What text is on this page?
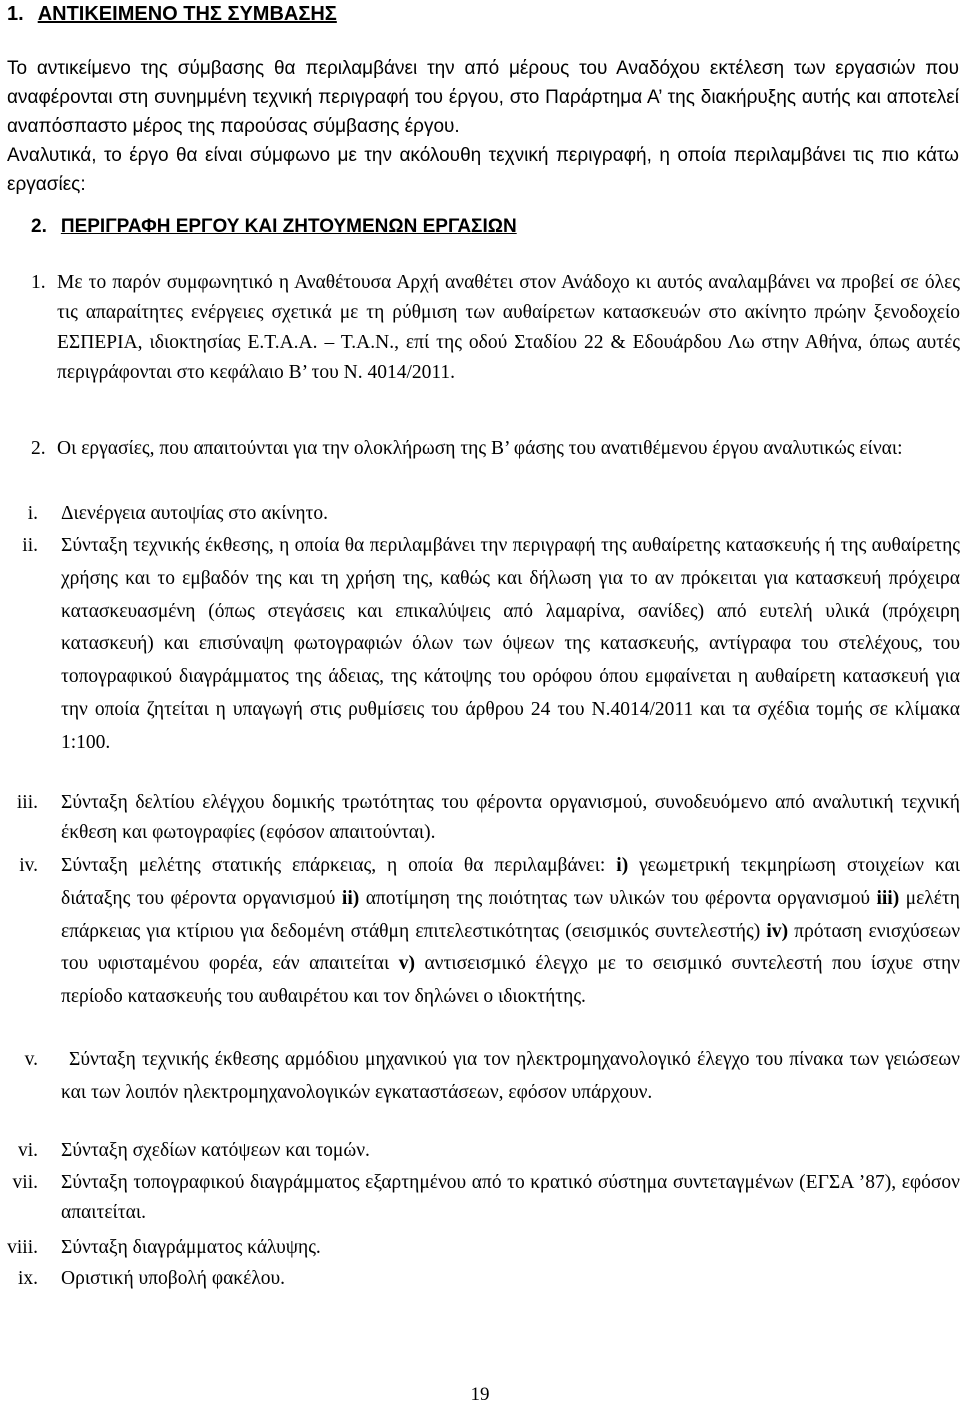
1. ΑΝΤΙΚΕΙΜΕΝΟ ΤΗΣ ΣΥΜΒΑΣΗΣ

Το αντικείμενο της σύμβασης θα περιλαμβάνει την από μέρους του Αναδόχου εκτέλεση των εργασιών που αναφέρονται στη συνημμένη τεχνική περιγραφή του έργου, στο Παράρτημα Α’ της διακήρυξης αυτής και αποτελεί αναπόσπαστο μέρος της παρούσας σύμβασης έργου.

Αναλυτικά, το έργο θα είναι σύμφωνο με την ακόλουθη τεχνική περιγραφή, η οποία περιλαμβάνει τις πιο κάτω εργασίες:

2. ΠΕΡΙΓΡΑΦΗ ΕΡΓΟΥ ΚΑΙ ΖΗΤΟΥΜΕΝΩΝ ΕΡΓΑΣΙΩΝ
1. Με το παρόν συμφωνητικό η Αναθέτουσα Αρχή αναθέτει στον Ανάδοχο κι αυτός αναλαμβάνει να προβεί σε όλες τις απαραίτητες ενέργειες σχετικά με τη ρύθμιση των αυθαίρετων κατασκευών στο ακίνητο πρώην ξενοδοχείο ΕΣΠΕΡΙΑ, ιδιοκτησίας Ε.Τ.Α.Α. – Τ.Α.Ν., επί της οδού Σταδίου 22 & Εδουάρδου Λω στην Αθήνα, όπως αυτές περιγράφονται στο κεφάλαιο Β’ του Ν. 4014/2011.
2. Οι εργασίες, που απαιτούνται για την ολοκλήρωση της Β’ φάσης του ανατιθέμενου έργου αναλυτικώς είναι:
i. Διενέργεια αυτοψίας στο ακίνητο.
ii. Σύνταξη τεχνικής έκθεσης, η οποία θα περιλαμβάνει την περιγραφή της αυθαίρετης κατασκευής ή της αυθαίρετης χρήσης και το εμβαδόν της και τη χρήση της, καθώς και δήλωση για το αν πρόκειται για κατασκευή πρόχειρα κατασκευασμένη (όπως στεγάσεις και επικαλύψεις από λαμαρίνα, σανίδες) από ευτελή υλικά (πρόχειρη κατασκευή) και επισύναψη φωτογραφιών όλων των όψεων της κατασκευής, αντίγραφα του στελέχους, του τοπογραφικού διαγράμματος της άδειας, της κάτοψης του ορόφου όπου εμφαίνεται η αυθαίρετη κατασκευή για την οποία ζητείται η υπαγωγή στις ρυθμίσεις του άρθρου 24 του Ν.4014/2011 και τα σχέδια τομής σε κλίμακα 1:100.
iii. Σύνταξη δελτίου ελέγχου δομικής τρωτότητας του φέροντα οργανισμού, συνοδευόμενο από αναλυτική τεχνική έκθεση και φωτογραφίες (εφόσον απαιτούνται).
iv. Σύνταξη μελέτης στατικής επάρκειας, η οποία θα περιλαμβάνει: i) γεωμετρική τεκμηρίωση στοιχείων και διάταξης του φέροντα οργανισμού ii) αποτίμηση της ποιότητας των υλικών του φέροντα οργανισμού iii) μελέτη επάρκειας για κτίριου για δεδομένη στάθμη επιτελεστικότητας (σεισμικός συντελεστής) iv) πρόταση ενισχύσεων του υφισταμένου φορέα, εάν απαιτείται v) αντισεισμικό έλεγχο με το σεισμικό συντελεστή που ίσχυε στην περίοδο κατασκευής του αυθαιρέτου και τον δηλώνει ο ιδιοκτήτης.
v.	Σύνταξη τεχνικής έκθεσης αρμόδιου μηχανικού για τον ηλεκτρομηχανολογικό έλεγχο του πίνακα των γειώσεων και των λοιπόν ηλεκτρομηχανολογικών εγκαταστάσεων, εφόσον υπάρχουν.
vi. Σύνταξη σχεδίων κατόψεων και τομών.
vii. Σύνταξη τοπογραφικού διαγράμματος εξαρτημένου από το κρατικό σύστημα συντεταγμένων (ΕΓΣΑ ’87), εφόσον απαιτείται.
viii. Σύνταξη διαγράμματος κάλυψης.
ix. Οριστική υποβολή φακέλου.
19
